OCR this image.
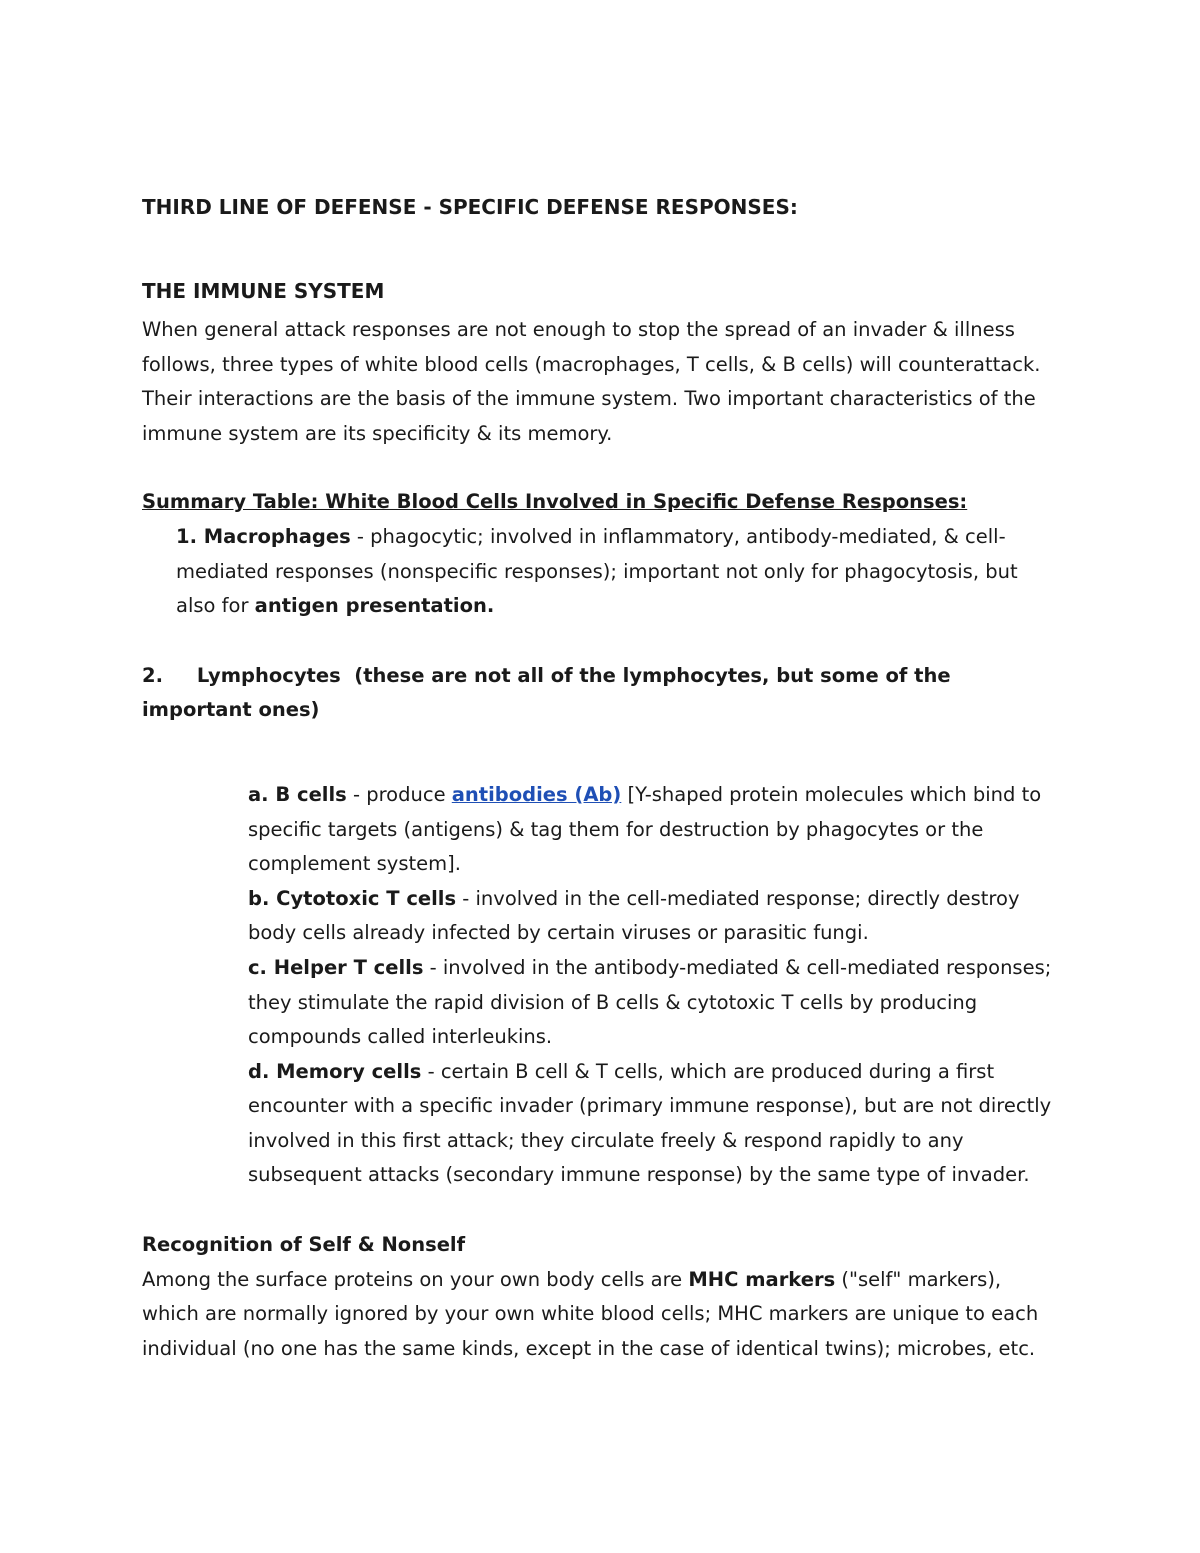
THIRD LINE OF DEFENSE - SPECIFIC DEFENSE RESPONSES:
THE IMMUNE SYSTEM

When general attack responses are not enough to stop the spread of an invader & illness follows, three types of white blood cells (macrophages, T cells, & B cells) will counterattack. Their interactions are the basis of the immune system. Two important characteristics of the immune system are its specificity & its memory.

Summary Table: White Blood Cells Involved in Specific Defense Responses:

1. Macrophages - phagocytic; involved in inflammatory, antibody-mediated, & cell-mediated responses (nonspecific responses); important not only for phagocytosis, but also for antigen presentation.

2.     Lymphocytes  (these are not all of the lymphocytes, but some of the important ones)

a. B cells - produce antibodies (Ab) [Y-shaped protein molecules which bind to specific targets (antigens) & tag them for destruction by phagocytes or the complement system].

b. Cytotoxic T cells - involved in the cell-mediated response; directly destroy body cells already infected by certain viruses or parasitic fungi.

c. Helper T cells - involved in the antibody-mediated & cell-mediated responses; they stimulate the rapid division of B cells & cytotoxic T cells by producing compounds called interleukins.

d. Memory cells - certain B cell & T cells, which are produced during a first encounter with a specific invader (primary immune response), but are not directly involved in this first attack; they circulate freely & respond rapidly to any subsequent attacks (secondary immune response) by the same type of invader.

Recognition of Self & Nonself

Among the surface proteins on your own body cells are MHC markers ("self" markers), which are normally ignored by your own white blood cells; MHC markers are unique to each individual (no one has the same kinds, except in the case of identical twins); microbes, etc.
